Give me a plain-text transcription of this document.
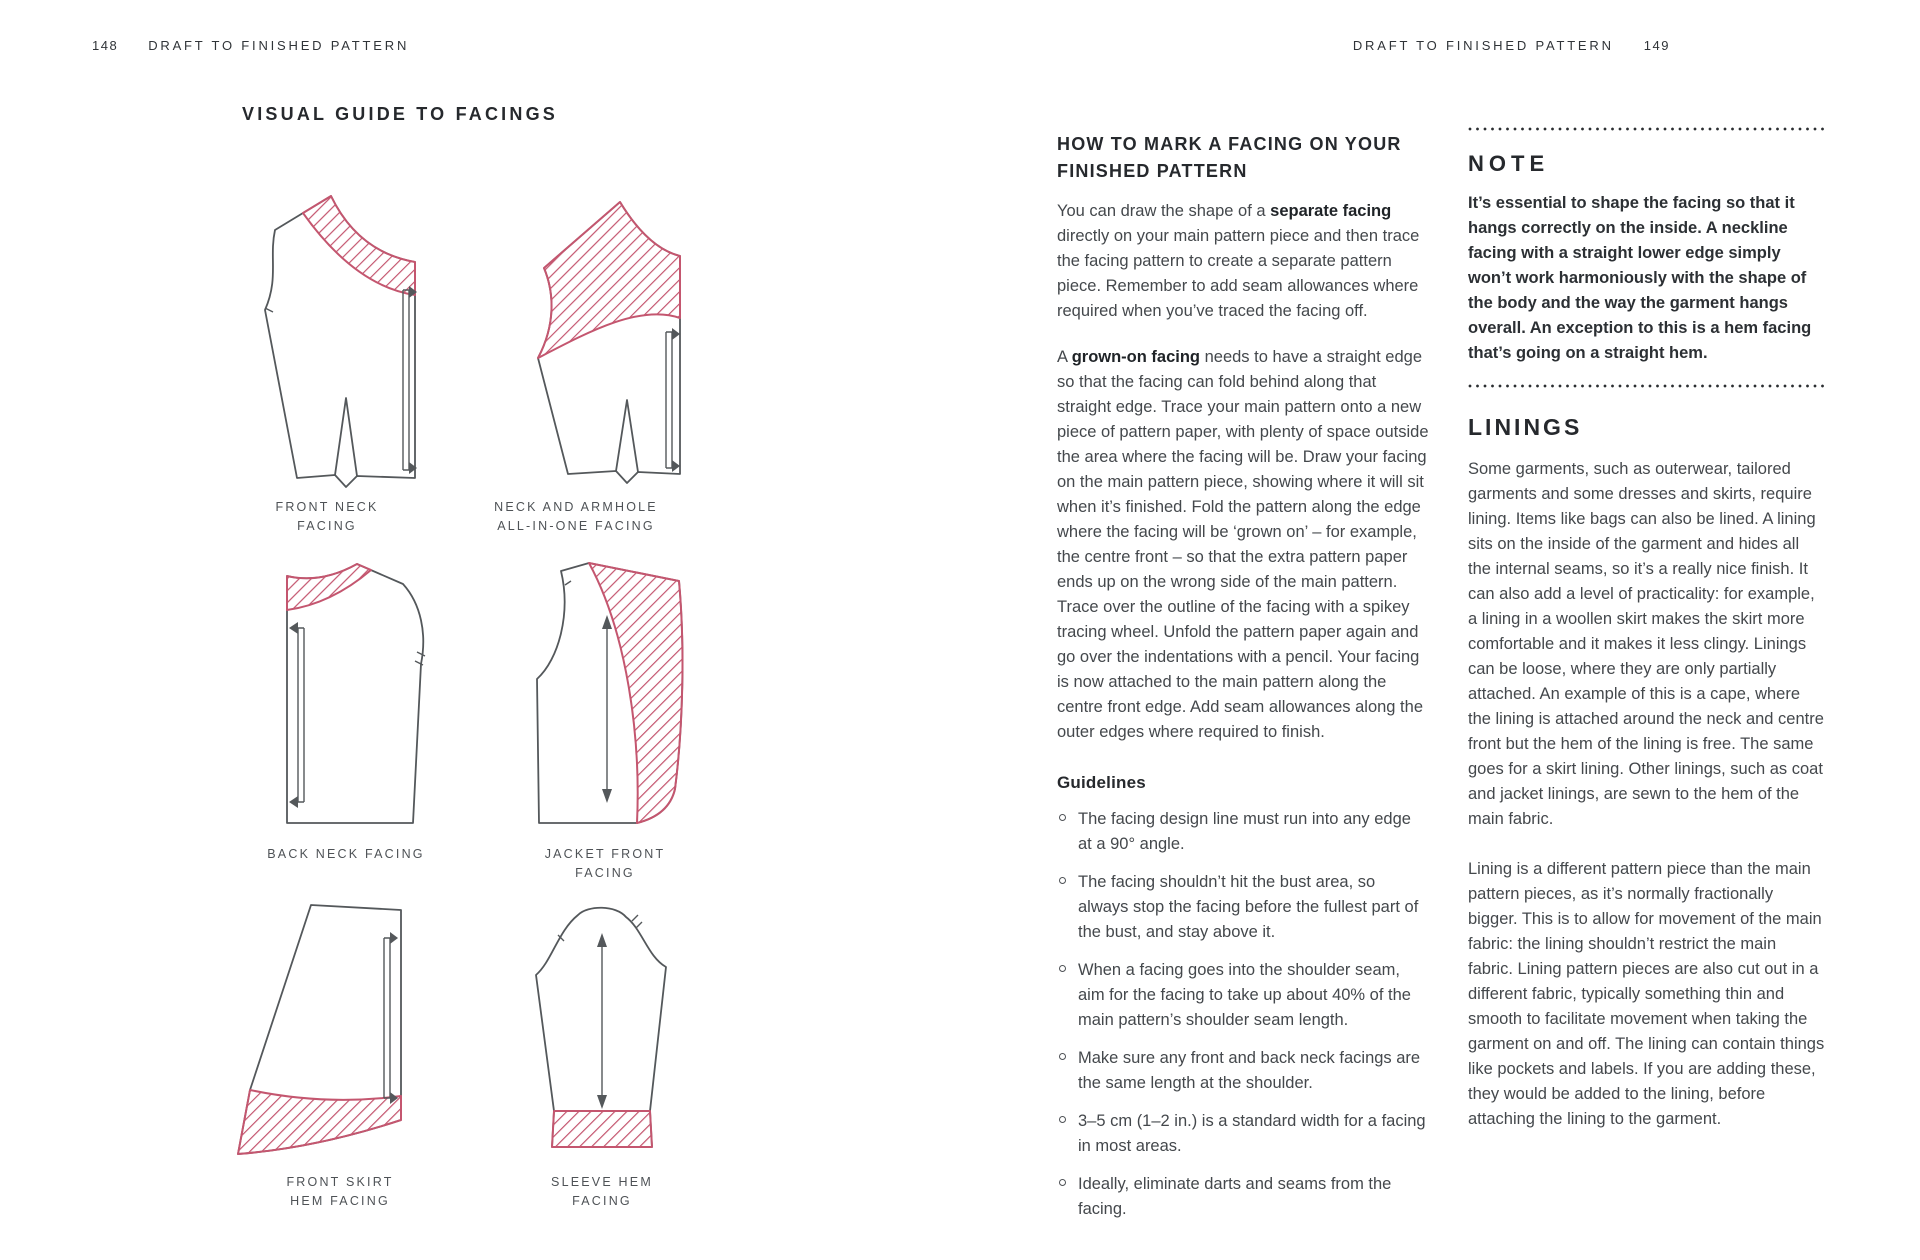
148 DRAFT TO FINISHED PATTERN	DRAFT TO FINISHED PATTERN 149
VISUAL GUIDE TO FACINGS
FRONT NECK
FACING
NECK AND ARMHOLE
ALL-IN-ONE FACING
BACK NECK FACING	JACKET FRONT
FACING
FRONT SKIRT
HEM FACING
SLEEVE HEM
FACING
HOW TO MARK A FACING ON YOUR FINISHED PATTERN

You can draw the shape of a separate facing directly on your main pattern piece and then trace the facing pattern to create a separate pattern piece. Remember to add seam allowances where required when you’ve traced the facing off.

A grown-on facing needs to have a straight edge so that the facing can fold behind along that straight edge. Trace your main pattern onto a new piece of pattern paper, with plenty of space outside the area where the facing will be. Draw your facing on the main pattern piece, showing where it will sit when it’s finished. Fold the pattern along the edge where the facing will be ‘grown on’ – for example, the centre front – so that the extra pattern paper ends up on the wrong side of the main pattern. Trace over the outline of the facing with a spikey tracing wheel. Unfold the pattern paper again and go over the indentations with a pencil. Your facing is now attached to the main pattern along the centre front edge. Add seam allowances along the outer edges where required to finish.

Guidelines
The facing design line must run into any edge at a 90° angle.
The facing shouldn’t hit the bust area, so always stop the facing before the fullest part of the bust, and stay above it.
When a facing goes into the shoulder seam, aim for the facing to take up about 40% of the main pattern’s shoulder seam length.
Make sure any front and back neck facings are the same length at the shoulder.
3–5 cm (1–2 in.) is a standard width for a facing in most areas.
Ideally, eliminate darts and seams from the facing.
NOTE

It’s essential to shape the facing so that it hangs correctly on the inside. A neckline facing with a straight lower edge simply won’t work harmoniously with the shape of the body and the way the garment hangs overall. An exception to this is a hem facing that’s going on a straight hem.

LININGS

Some garments, such as outerwear, tailored garments and some dresses and skirts, require lining. Items like bags can also be lined. A lining sits on the inside of the garment and hides all the internal seams, so it’s a really nice finish. It can also add a level of practicality: for example, a lining in a woollen skirt makes the skirt more comfortable and it makes it less clingy. Linings can be loose, where they are only partially attached. An example of this is a cape, where the lining is attached around the neck and centre front but the hem of the lining is free. The same goes for a skirt lining. Other linings, such as coat and jacket linings, are sewn to the hem of the main fabric.

Lining is a different pattern piece than the main pattern pieces, as it’s normally fractionally bigger. This is to allow for movement of the main fabric: the lining shouldn’t restrict the main fabric. Lining pattern pieces are also cut out in a different fabric, typically something thin and smooth to facilitate movement when taking the garment on and off. The lining can contain things like pockets and labels. If you are adding these, they would be added to the lining, before attaching the lining to the garment.
